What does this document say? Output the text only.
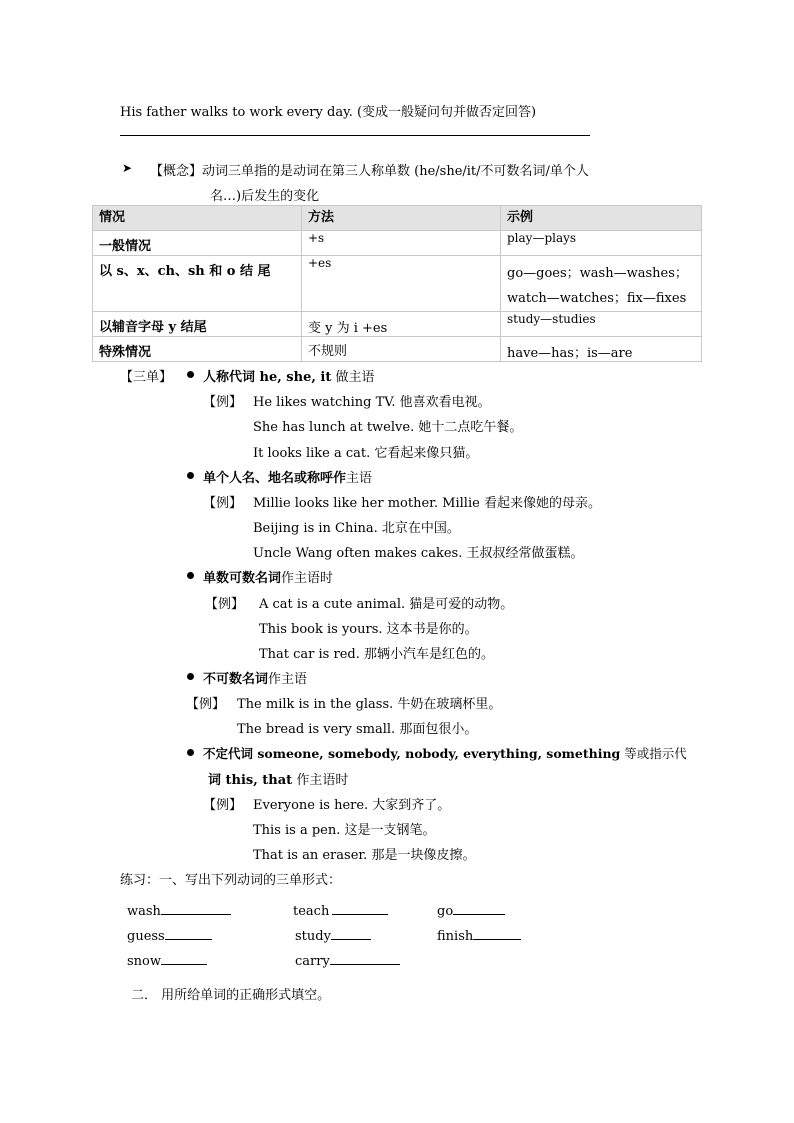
His father walks to work every day. (变成一般疑问句并做否定回答)
➤ 【概念】动词三单指的是动词在第三人称单数 (he/she/it/不可数名词/单个人
名…)后发生的变化
情况	方法	示例
一般情况	+s	play—plays
以 s、x、ch、sh 和 o 结 尾	+es	go—goes；wash—washes；
watch—watches；fix—fixes

以辅音字母 y 结尾	变 y 为 i +es	study—studies
特殊情况	不规则	have—has；is—are
【三单】 人称代词 he, she, it 做主语
【例】 He likes watching TV. 他喜欢看电视。
She has lunch at twelve. 她十二点吃午餐。
It looks like a cat. 它看起来像只猫。
单个人名、地名或称呼作主语
【例】 Millie looks like her mother. Millie 看起来像她的母亲。
Beijing is in China. 北京在中国。
Uncle Wang often makes cakes. 王叔叔经常做蛋糕。
单数可数名词作主语时
【例】 A cat is a cute animal. 猫是可爱的动物。
This book is yours. 这本书是你的。
That car is red. 那辆小汽车是红色的。
不可数名词作主语
【例】 The milk is in the glass. 牛奶在玻璃杯里。
The bread is very small. 那面包很小。
不定代词 someone, somebody, nobody, everything, something 等或指示代
词 this, that 作主语时
【例】 Everyone is here. 大家到齐了。
This is a pen. 这是一支钢笔。
That is an eraser. 那是一块像皮擦。
练习：一、写出下列动词的三单形式：
wash	teach	go
guess	study	finish
snow	carry
二． 用所给单词的正确形式填空。
